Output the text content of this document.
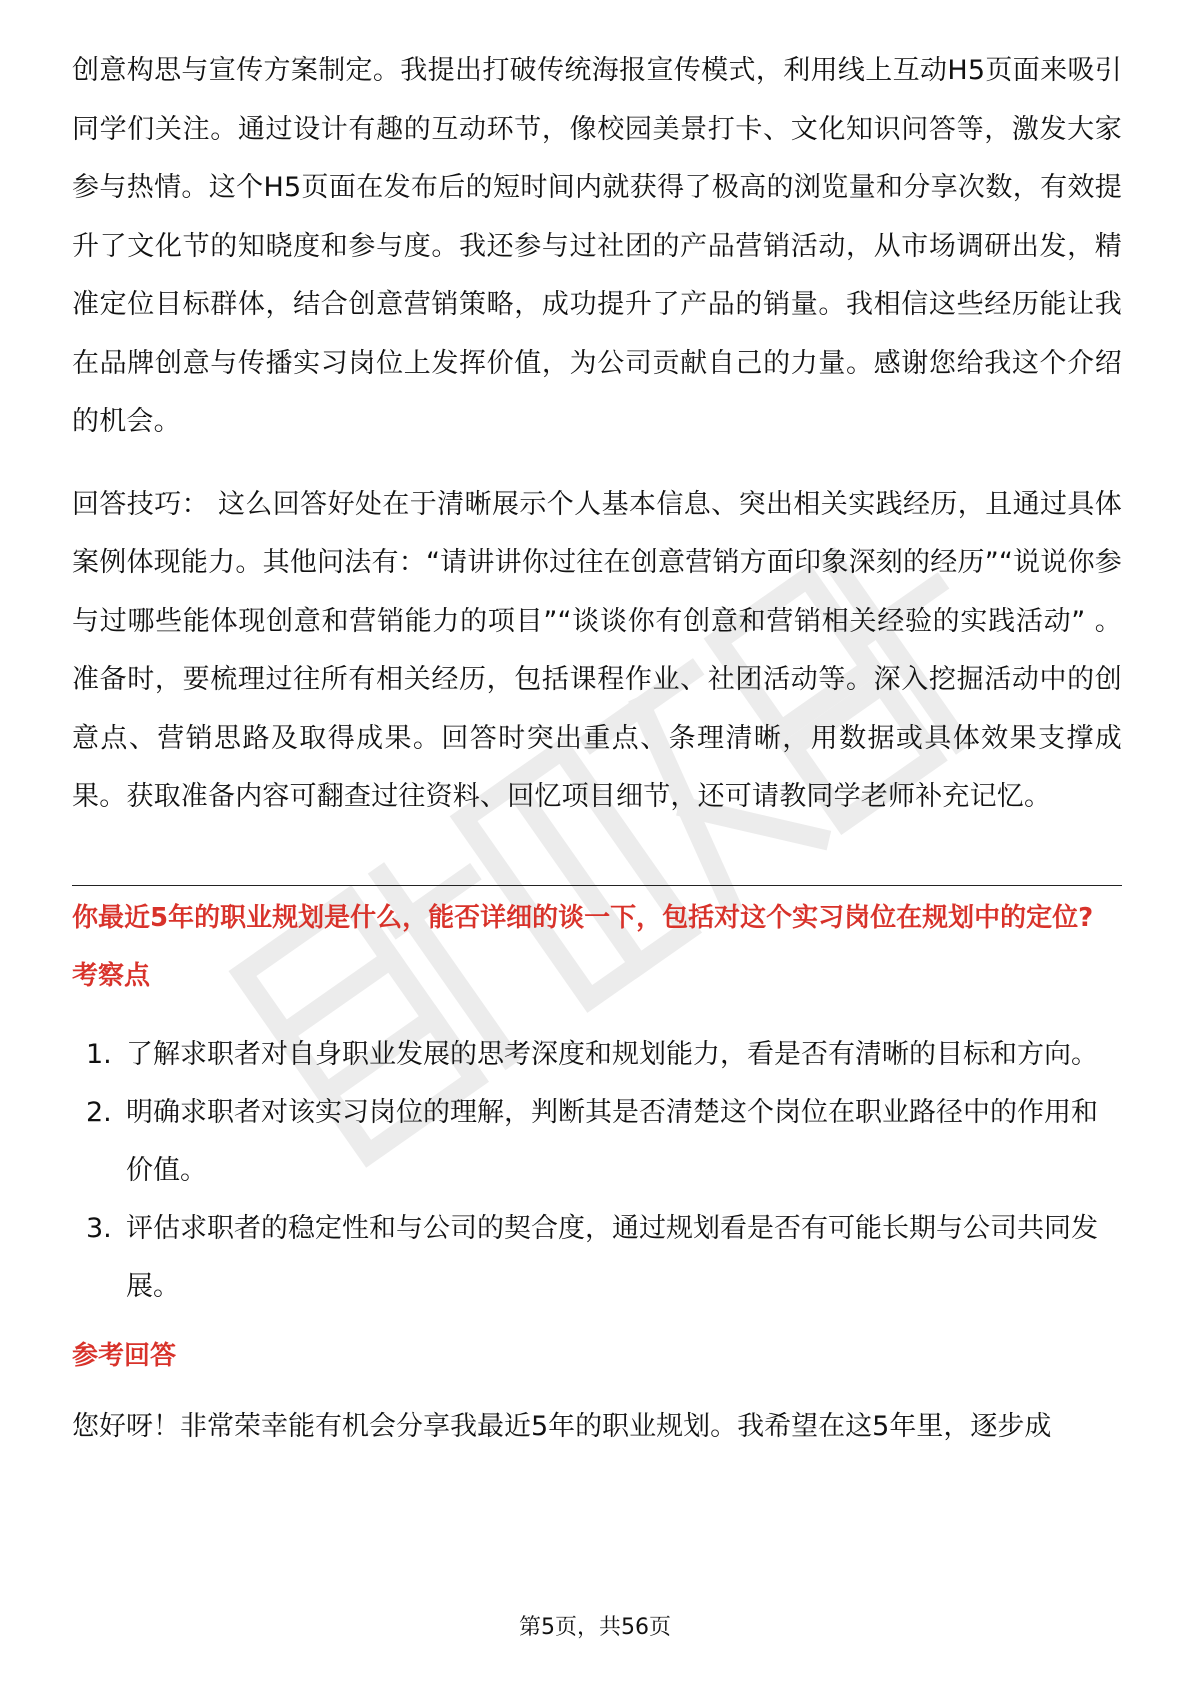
创意构思与宣传方案制定。我提出打破传统海报宣传模式，利用线上互动H5页面来吸引同学们关注。通过设计有趣的互动环节，像校园美景打卡、文化知识问答等，激发大家参与热情。这个H5页面在发布后的短时间内就获得了极高的浏览量和分享次数，有效提升了文化节的知晓度和参与度。我还参与过社团的产品营销活动，从市场调研出发，精准定位目标群体，结合创意营销策略，成功提升了产品的销量。我相信这些经历能让我在品牌创意与传播实习岗位上发挥价值，为公司贡献自己的力量。感谢您给我这个介绍的机会。

回答技巧： 这么回答好处在于清晰展示个人基本信息、突出相关实践经历，且通过具体案例体现能力。其他问法有：“请讲讲你过往在创意营销方面印象深刻的经历”“说说你参与过哪些能体现创意和营销能力的项目”“谈谈你有创意和营销相关经验的实践活动” 。准备时，要梳理过往所有相关经历，包括课程作业、社团活动等。深入挖掘活动中的创意点、营销思路及取得成果。回答时突出重点、条理清晰，用数据或具体效果支撑成果。获取准备内容可翻查过往资料、回忆项目细节，还可请教同学老师补充记忆。

你最近5年的职业规划是什么，能否详细的谈一下，包括对这个实习岗位在规划中的定位?
考察点
1. 了解求职者对自身职业发展的思考深度和规划能力，看是否有清晰的目标和方向。
2. 明确求职者对该实习岗位的理解，判断其是否清楚这个岗位在职业路径中的作用和价值。
3. 评估求职者的稳定性和与公司的契合度，通过规划看是否有可能长期与公司共同发展。
参考回答

您好呀！非常荣幸能有机会分享我最近5年的职业规划。我希望在这5年里，逐步成

第5页，共56页
